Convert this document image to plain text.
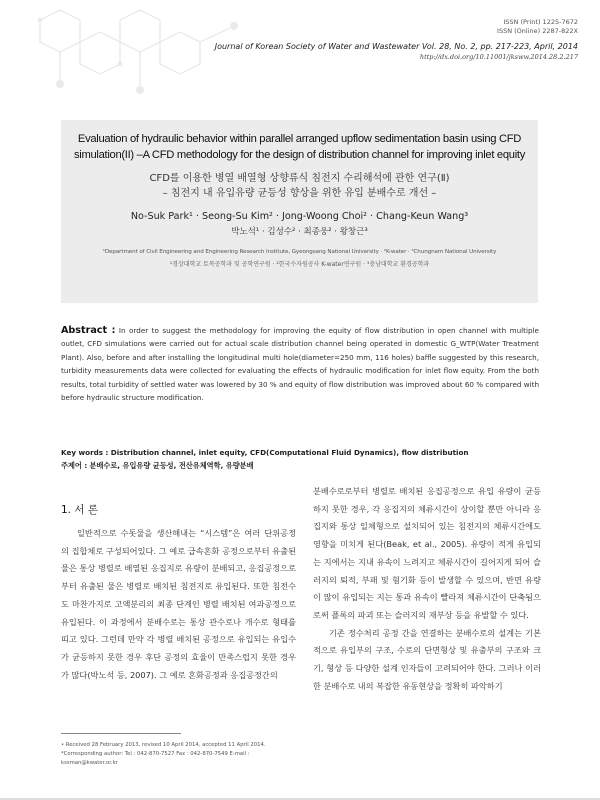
ISSN (Print) 1225-7672
ISSN (Online) 2287-822X
Journal of Korean Society of Water and Wastewater Vol. 28, No. 2, pp. 217-223, April, 2014
http://dx.doi.org/10.11001/jksww.2014.28.2.217
Evaluation of hydraulic behavior within parallel arranged upflow sedimentation basin using CFD
simulation(II) –A CFD methodology for the design of distribution channel for improving inlet equity
CFD를 이용한 병열 배열형 상향류식 침전지 수리해석에 관한 연구(Ⅱ)
– 침전지 내 유입유량 균등성 향상을 위한 유입 분배수로 개선 –
No-Suk Park¹ · Seong-Su Kim² · Jong-Woong Choi² · Chang-Keun Wang³
박노석¹ · 김성수² · 최종웅² · 왕창근³
¹Department of Civil Engineering and Engineering Research Institute, Gyeongsang National University · ²K-water · ³Chungnam National University
¹경상대학교 토목공학과 및 공학연구원 · ²한국수자원공사 K-water연구원 · ³충남대학교 환경공학과
Abstract : In order to suggest the methodology for improving the equity of flow distribution in open channel with multiple outlet, CFD simulations were carried out for actual scale distribution channel being operated in domestic G_WTP(Water Treatment Plant). Also, before and after installing the longitudinal multi hole(diameter=250 mm, 116 holes) baffle suggested by this research, turbidity measurements data were collected for evaluating the effects of hydraulic modification for inlet flow equity. From the both results, total turbidity of settled water was lowered by 30 % and equity of flow distribution was improved about 60 % compared with before hydraulic structure modification.
Key words : Distribution channel, inlet equity, CFD(Computational Fluid Dynamics), flow distribution
주제어 : 분배수로, 유입유량 균등성, 전산유체역학, 유량분배
1. 서 론

일반적으로 수돗물을 생산해내는 “시스템”은 여러 단위공정의 집합체로 구성되어있다. 그 예로 급속혼화 공정으로부터 유출된 물은 통상 병렬로 배열된 응집지로 유량이 분배되고, 응집공정으로부터 유출된 물은 병렬로 배치된 침전지로 유입된다. 또한 침전수도 마찬가지로 고액분리의 최종 단계인 병렬 배치된 여과공정으로 유입된다. 이 과정에서 분배수로는 통상 관수로나 개수로 형태를 띠고 있다. 그런데 만약 각 병렬 배치된 공정으로 유입되는 유입수가 균등하지 못한 경우 후단 공정의 효율이 만족스럽지 못한 경우가 많다(박노석 등, 2007). 그 예로 혼화공정과 응집공정간의

분배수로로부터 병렬로 배치된 응집공정으로 유입 유량이 균등하지 못한 경우, 각 응집지의 체류시간이 상이할 뿐만 아니라 응집지와 통상 일체형으로 설치되어 있는 침전지의 체류시간에도 영향을 미치게 된다(Beak, et al., 2005). 유량이 적게 유입되는 지에서는 지내 유속이 느려지고 체류시간이 길어지게 되어 슬러지의 퇴적, 부패 및 혐기화 등이 발생할 수 있으며, 반면 유량이 많이 유입되는 지는 통과 유속이 빨라져 체류시간이 단축됨으로써 플록의 파괴 또는 슬러지의 재부상 등을 유발할 수 있다.

기존 정수처리 공정 간을 연결하는 분배수로의 설계는 기본적으로 유입부의 구조, 수로의 단면형상 및 유출부의 구조와 크기, 형상 등 다양한 설계 인자들이 고려되어야 한다. 그러나 이러한 분배수로 내의 복잡한 유동현상을 정확히 파악하기

• Received 28 February 2013, revised 10 April 2014, accepted 11 April 2014.
*Corresponding author: Tel : 042-870-7527 Fax : 042-870-7549 E-mail : kssman@kwater.or.kr
